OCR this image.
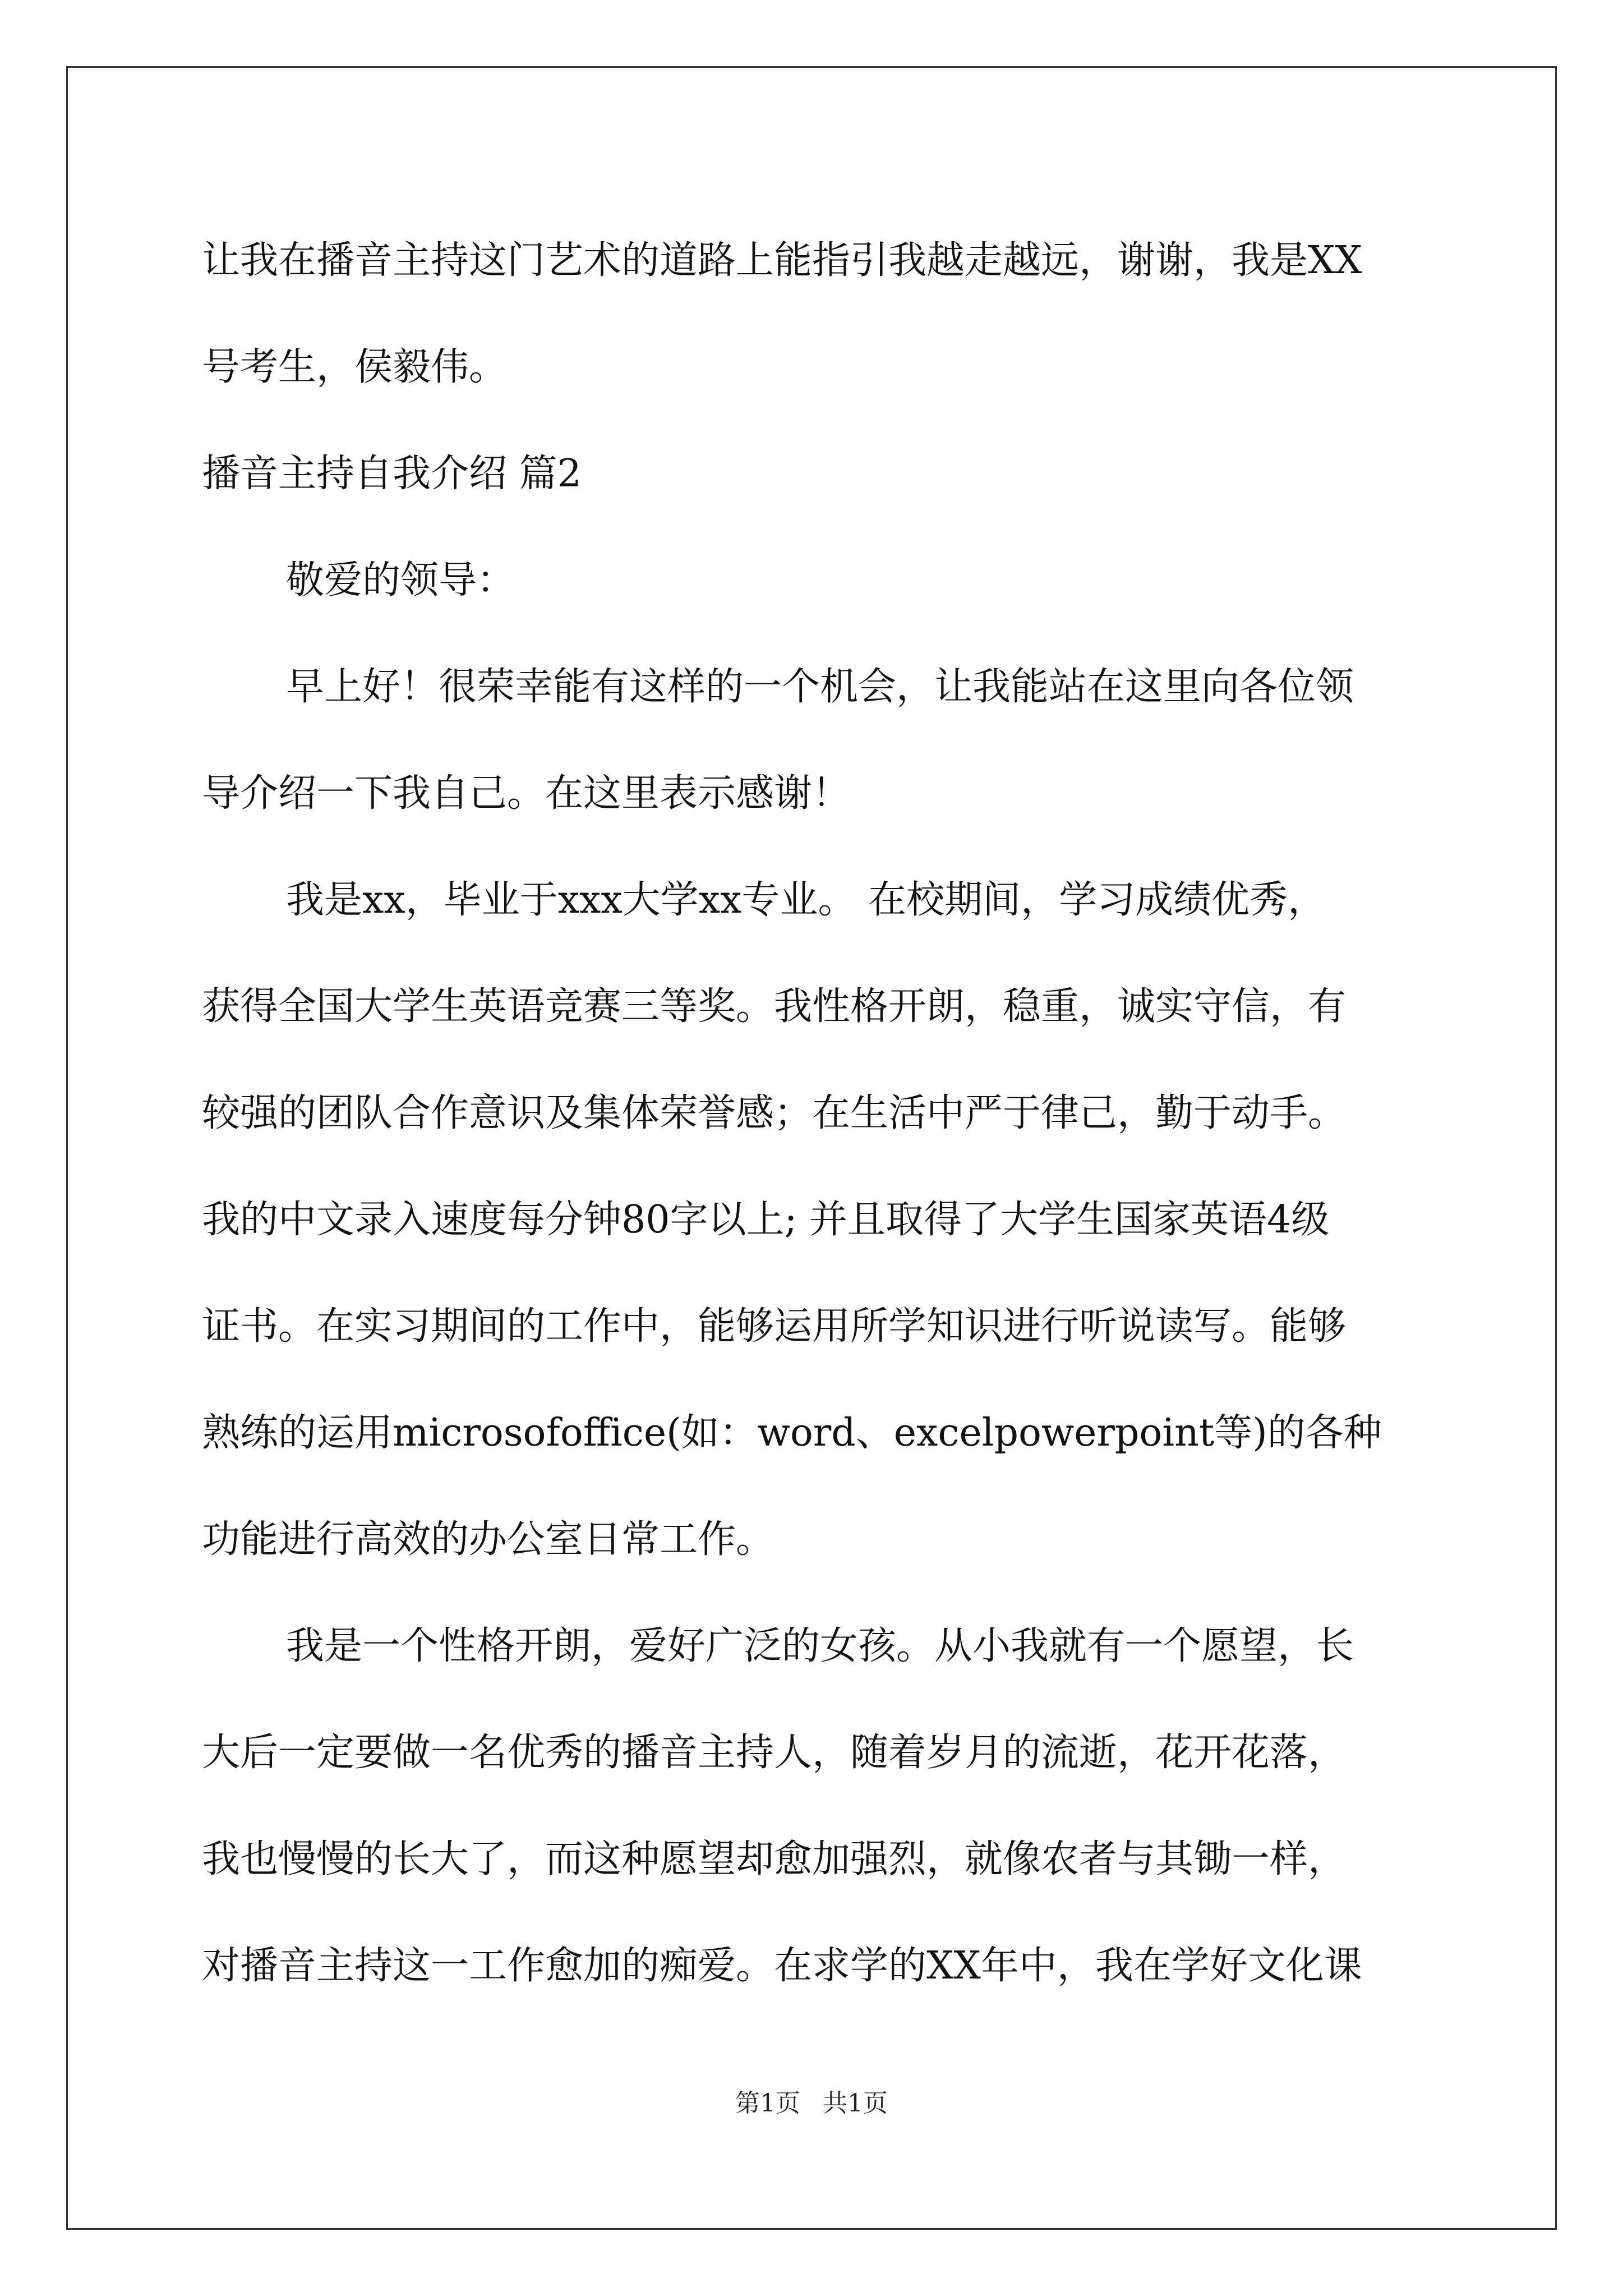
让我在播音主持这门艺术的道路上能指引我越走越远，谢谢，我是XX
号考生，侯毅伟。
播音主持自我介绍 篇2
敬爱的领导：
早上好！很荣幸能有这样的一个机会，让我能站在这里向各位领
导介绍一下我自己。在这里表示感谢！
我是xx，毕业于xxx大学xx专业。 在校期间，学习成绩优秀，
获得全国大学生英语竞赛三等奖。我性格开朗，稳重，诚实守信，有
较强的团队合作意识及集体荣誉感；在生活中严于律己，勤于动手。
我的中文录入速度每分钟80字以上; 并且取得了大学生国家英语4级
证书。在实习期间的工作中，能够运用所学知识进行听说读写。能够
熟练的运用microsofoffice(如：word、excelpowerpoint等)的各种
功能进行高效的办公室日常工作。
我是一个性格开朗，爱好广泛的女孩。从小我就有一个愿望，长
大后一定要做一名优秀的播音主持人，随着岁月的流逝，花开花落，
我也慢慢的长大了，而这种愿望却愈加强烈，就像农者与其锄一样，
对播音主持这一工作愈加的痴爱。在求学的XX年中，我在学好文化课
第1页 共1页
